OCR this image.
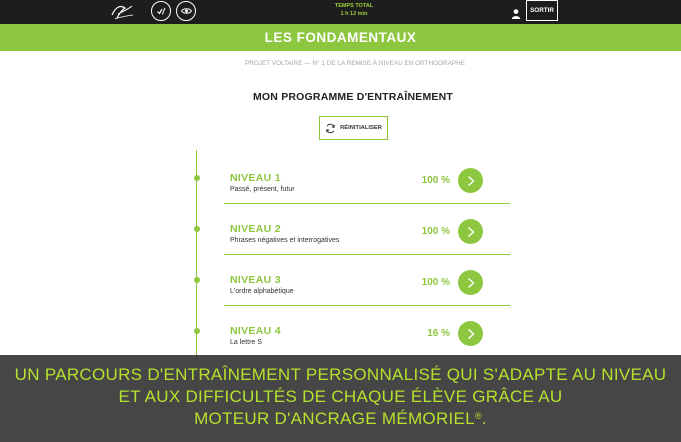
TEMPS TOTAL
1 h 12 min	SORTIR
LES FONDAMENTAUX
PROJET VOLTAIRE — N° 1 DE LA REMISE À NIVEAU EN ORTHOGRAPHE
MON PROGRAMME D'ENTRAÎNEMENT
RÉINITIALISER
NIVEAU 1
Passé, présent, futur
100 %
NIVEAU 2
Phrases négatives et interrogatives
100 %
NIVEAU 3
L'ordre alphabétique
100 %
NIVEAU 4
La lettre S
16 %
UN PARCOURS D'ENTRAÎNEMENT PERSONNALISÉ QUI S'ADAPTE AU NIVEAU
ET AUX DIFFICULTÉS DE CHAQUE ÉLÈVE GRÂCE AU
MOTEUR D'ANCRAGE MÉMORIEL®.
